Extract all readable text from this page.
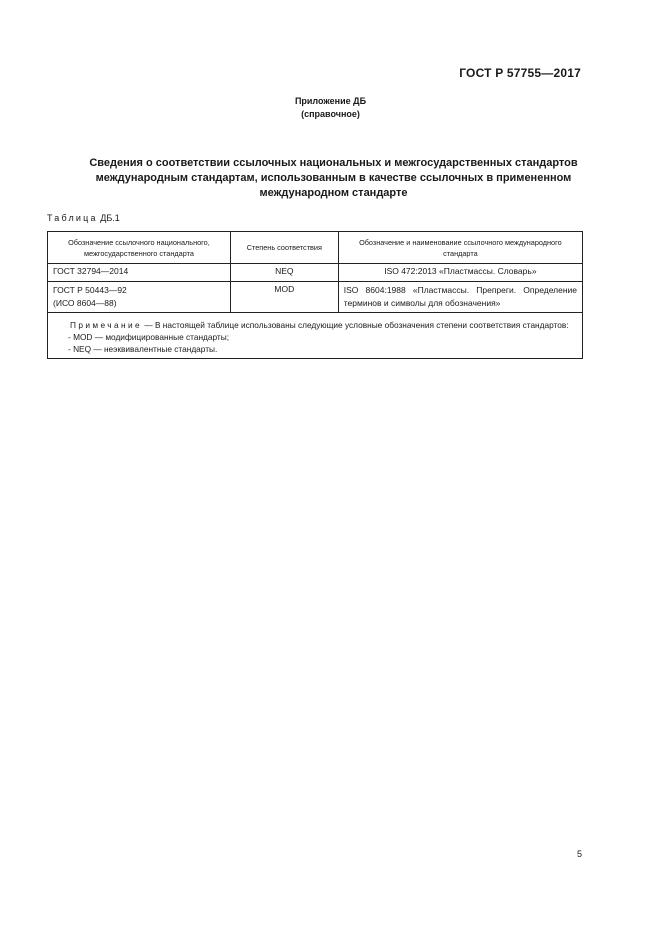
ГОСТ Р 57755—2017
Приложение ДБ
(справочное)
Сведения о соответствии ссылочных национальных и межгосударственных стандартов
международным стандартам, использованным в качестве ссылочных в примененном
международном стандарте
Таблица ДБ.1
Обозначение ссылочного национального, межгосударственного стандарта	Степень соответствия	Обозначение и наименование ссылочного международного стандарта
ГОСТ 32794—2014	NEQ	ISO 472:2013 «Пластмассы. Словарь»

ГОСТ Р 50443—92
(ИСО 8604—88)	MOD	ISO 8604:1988 «Пластмассы. Препреги. Определение терминов и символы для обозначения»

Примечание — В настоящей таблице использованы следующие условные обозначения степени соответствия стандартов:
- MOD — модифицированные стандарты;
- NEQ — неэквивалентные стандарты.		
5
